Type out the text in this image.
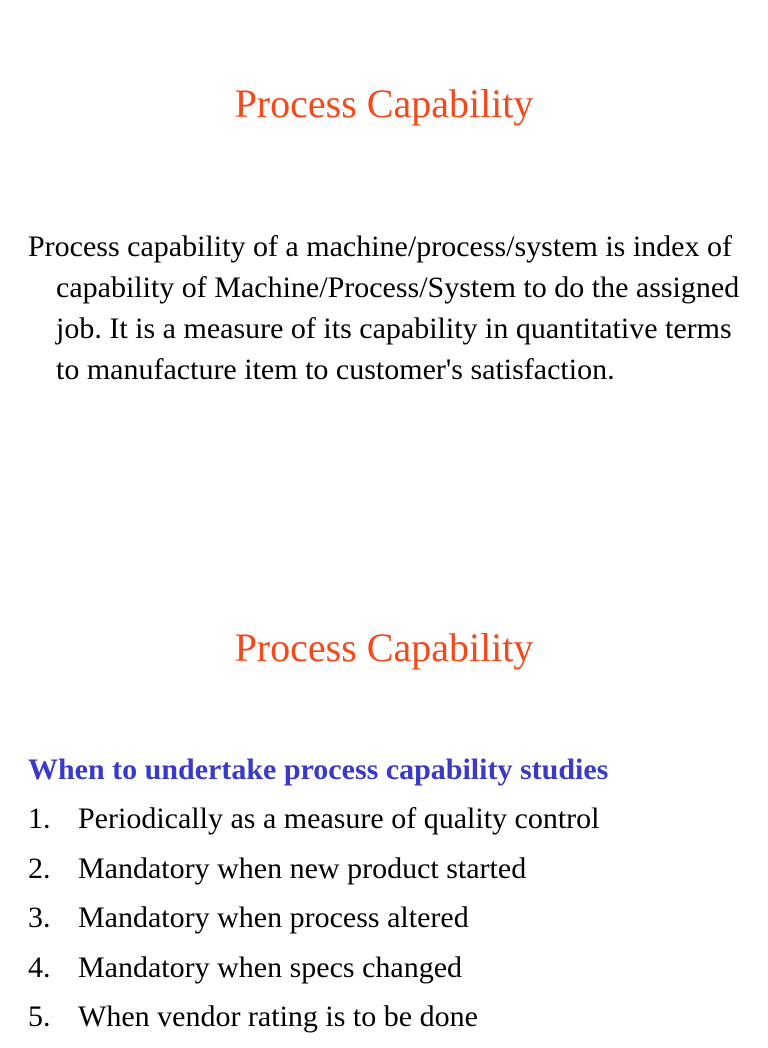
Process Capability

Process capability of a machine/process/system is index of capability of Machine/Process/System to do the assigned job. It is a measure of its capability in quantitative terms to manufacture item to customer's satisfaction.

Process Capability
When to undertake process capability studies
1. Periodically as a measure of quality control
2. Mandatory when new product started
3. Mandatory when process altered
4. Mandatory when specs changed
5. When vendor rating is to be done
